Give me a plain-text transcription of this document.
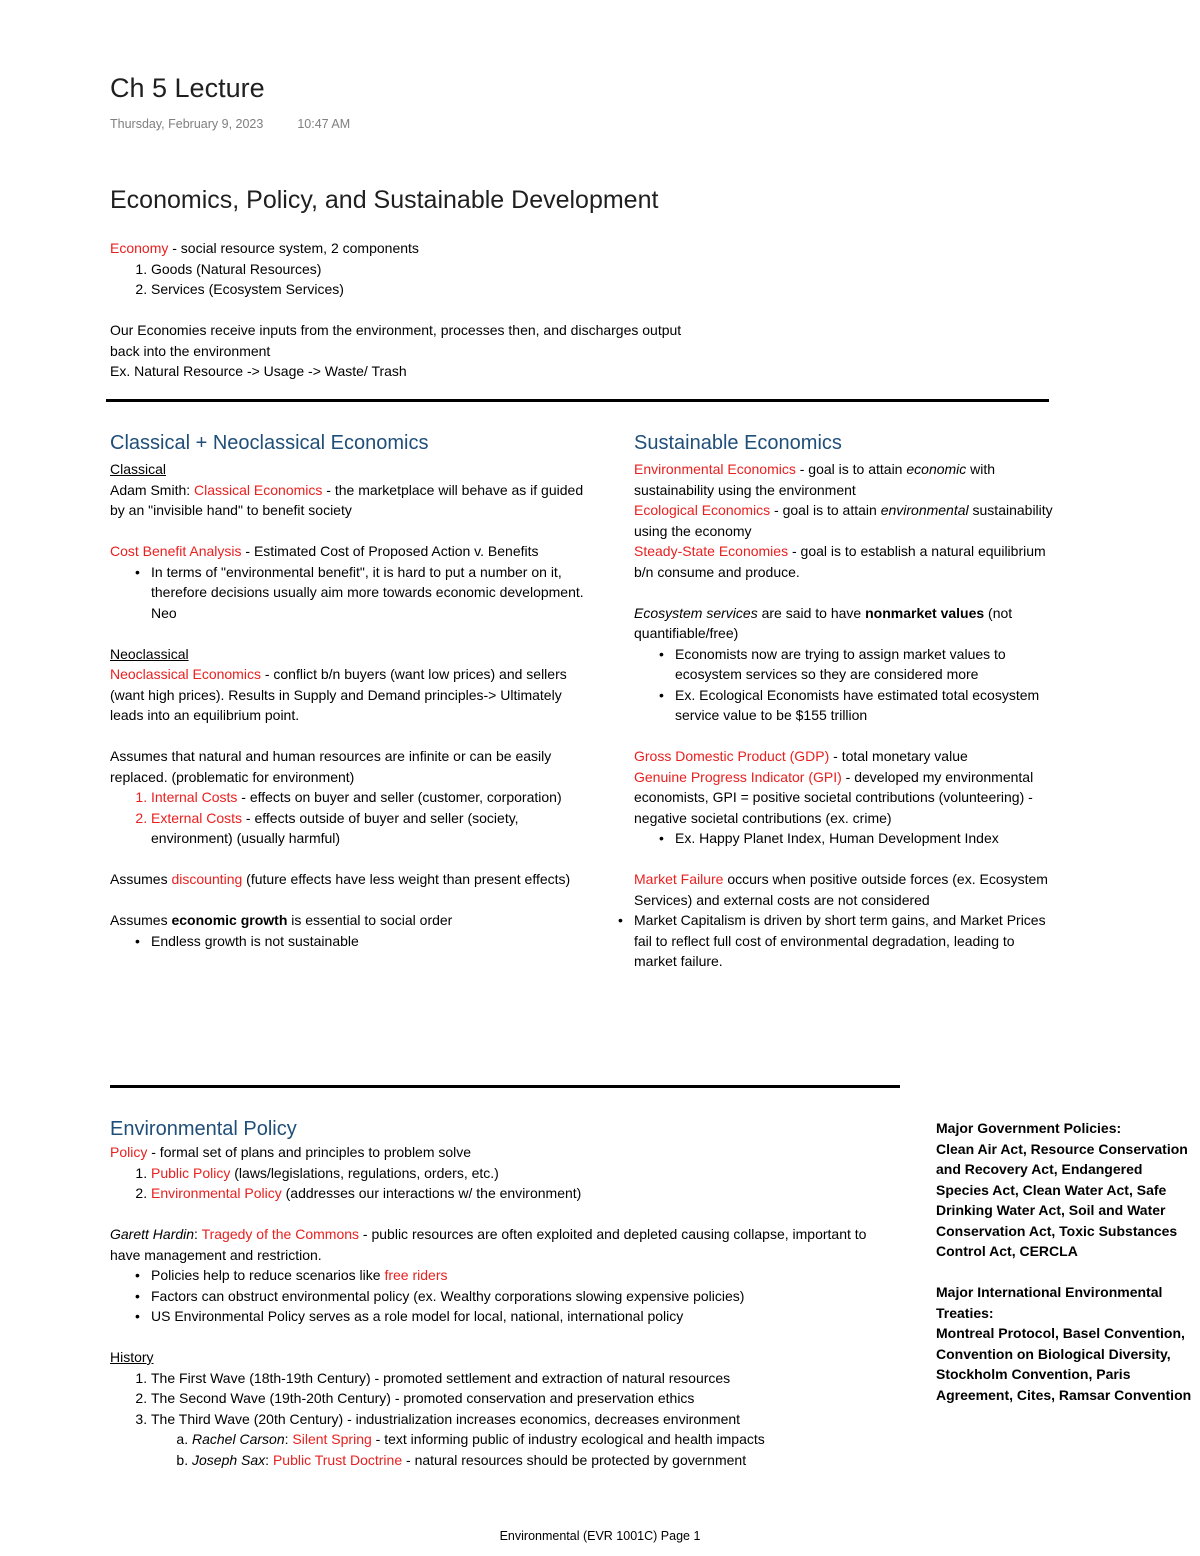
Ch 5 Lecture
Thursday, February 9, 2023	10:47 AM
Economics, Policy, and Sustainable Development

Economy - social resource system, 2 components

1. Goods (Natural Resources)
2. Services (Ecosystem Services)

Our Economies receive inputs from the environment, processes then, and discharges output

back into the environment

Ex. Natural Resource -> Usage -> Waste/ Trash

Classical + Neoclassical Economics

Classical

Adam Smith: Classical Economics - the marketplace will behave as if guided by an "invisible hand" to benefit society

Cost Benefit Analysis - Estimated Cost of Proposed Action v. Benefits

• In terms of "environmental benefit", it is hard to put a number on it, therefore decisions usually aim more towards economic development. Neo

Neoclassical

Neoclassical Economics - conflict b/n buyers (want low prices) and sellers (want high prices). Results in Supply and Demand principles-> Ultimately leads into an equilibrium point.

Assumes that natural and human resources are infinite or can be easily replaced. (problematic for environment)

1. Internal Costs - effects on buyer and seller (customer, corporation)
2. External Costs - effects outside of buyer and seller (society, environment) (usually harmful)

Assumes discounting (future effects have less weight than present effects)

Assumes economic growth is essential to social order

• Endless growth is not sustainable
Sustainable Economics

Environmental Economics - goal is to attain economic with sustainability using the environment

Ecological Economics - goal is to attain environmental sustainability using the economy

Steady-State Economies - goal is to establish a natural equilibrium b/n consume and produce.

Ecosystem services are said to have nonmarket values (not quantifiable/free)

• Economists now are trying to assign market values to ecosystem services so they are considered more
• Ex. Ecological Economists have estimated total ecosystem service value to be $155 trillion

Gross Domestic Product (GDP) - total monetary value

Genuine Progress Indicator (GPI) - developed my environmental economists, GPI = positive societal contributions (volunteering) - negative societal contributions (ex. crime)

• Ex. Happy Planet Index, Human Development Index

Market Failure occurs when positive outside forces (ex. Ecosystem Services) and external costs are not considered

• Market Capitalism is driven by short term gains, and Market Prices fail to reflect full cost of environmental degradation, leading to market failure.
Environmental Policy

Policy - formal set of plans and principles to problem solve

1. Public Policy (laws/legislations, regulations, orders, etc.)
2. Environmental Policy (addresses our interactions w/ the environment)

Garett Hardin: Tragedy of the Commons - public resources are often exploited and depleted causing collapse, important to have management and restriction.

• Policies help to reduce scenarios like free riders
• Factors can obstruct environmental policy (ex. Wealthy corporations slowing expensive policies)
• US Environmental Policy serves as a role model for local, national, international policy

History

1. The First Wave (18th-19th Century) - promoted settlement and extraction of natural resources
2. The Second Wave (19th-20th Century) - promoted conservation and preservation ethics
3. The Third Wave (20th Century) - industrialization increases economics, decreases environment
a. Rachel Carson: Silent Spring - text informing public of industry ecological and health impacts
b. Joseph Sax: Public Trust Doctrine - natural resources should be protected by government

Major Government Policies:

Clean Air Act, Resource Conservation and Recovery Act, Endangered Species Act, Clean Water Act, Safe Drinking Water Act, Soil and Water Conservation Act, Toxic Substances Control Act, CERCLA

Major International Environmental Treaties:

Montreal Protocol, Basel Convention, Convention on Biological Diversity, Stockholm Convention, Paris Agreement, Cites, Ramsar Convention

Environmental (EVR 1001C) Page 1
